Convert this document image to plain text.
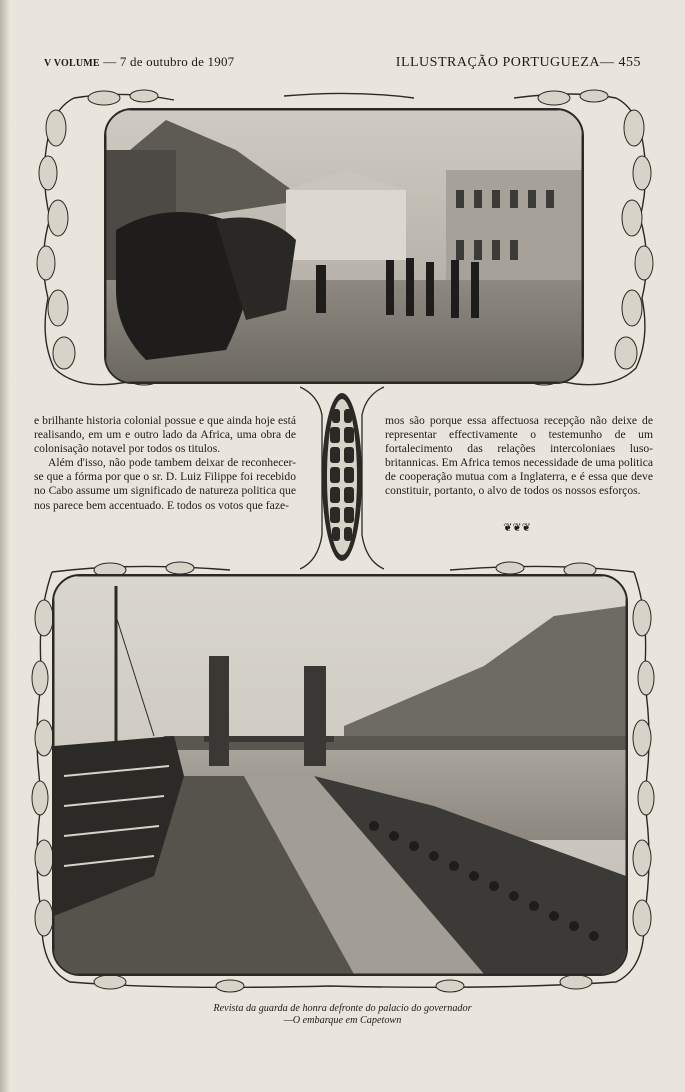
V VOLUME — 7 de outubro de 1907	ILLUSTRAÇÃO PORTUGUEZA— 455

e brilhante historia colonial possue e que ainda hoje está realisando, em um e outro lado da Africa, uma obra de colonisação notavel por todos os titulos.

Além d'isso, não pode tambem deixar de reconhecer-se que a fórma por que o sr. D. Luiz Filippe foi recebido no Cabo assume um significado de natureza politica que nos parece bem accentuado. E todos os votos que faze-

mos são porque essa affectuosa recepção não deixe de representar effectivamente o testemunho de um fortalecimento das relações intercoloniaes luso-britannicas. Em Africa temos necessidade de uma politica de cooperação mutua com a Inglaterra, e é essa que deve constituir, portanto, o alvo de todos os nossos esforços.

❦❦❦
Revista da guarda de honra defronte do palacio do governador
—O embarque em Capetown
